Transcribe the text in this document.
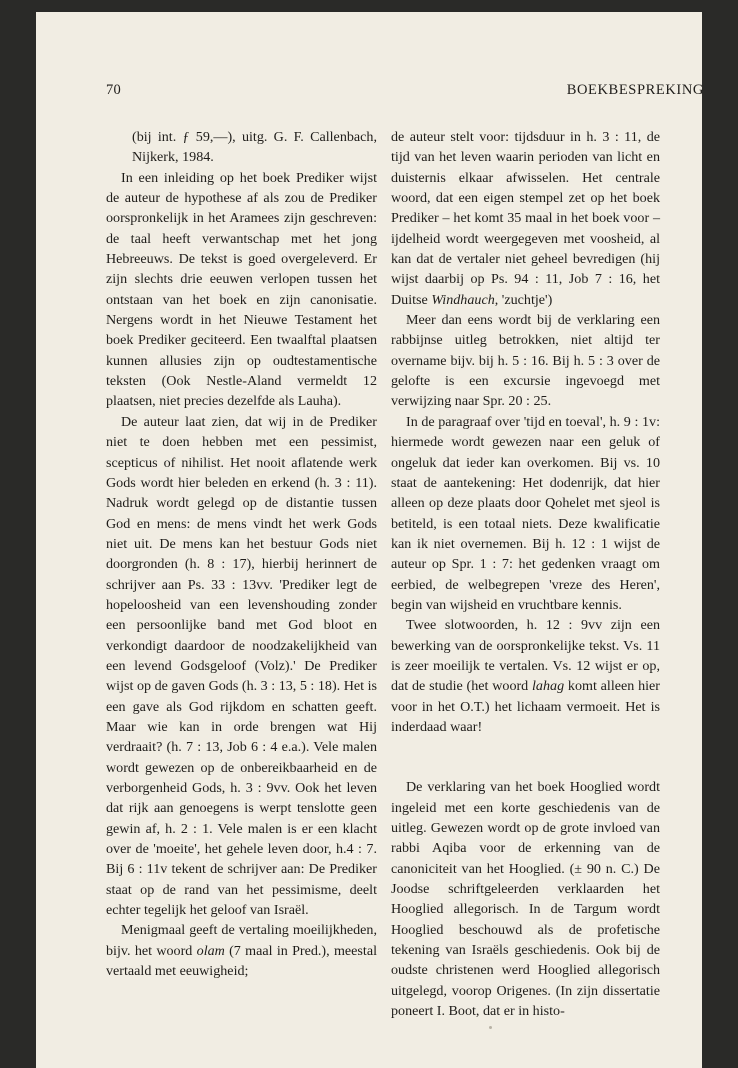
70	BOEKBESPREKING

(bij int. ƒ 59,—), uitg. G. F. Callenbach, Nijkerk, 1984.

In een inleiding op het boek Prediker wijst de auteur de hypothese af als zou de Prediker oorspronkelijk in het Aramees zijn geschreven: de taal heeft verwantschap met het jong Hebreeuws. De tekst is goed overgeleverd. Er zijn slechts drie eeuwen verlopen tussen het ontstaan van het boek en zijn canonisatie. Nergens wordt in het Nieuwe Testament het boek Prediker geciteerd. Een twaalftal plaatsen kunnen allusies zijn op oudtestamentische teksten (Ook Nestle-Aland vermeldt 12 plaatsen, niet precies dezelfde als Lauha).

De auteur laat zien, dat wij in de Prediker niet te doen hebben met een pessimist, scepticus of nihilist. Het nooit aflatende werk Gods wordt hier beleden en erkend (h. 3 : 11). Nadruk wordt gelegd op de distantie tussen God en mens: de mens vindt het werk Gods niet uit. De mens kan het bestuur Gods niet doorgronden (h. 8 : 17), hierbij herinnert de schrijver aan Ps. 33 : 13vv. 'Prediker legt de hopeloosheid van een levenshouding zonder een persoonlijke band met God bloot en verkondigt daardoor de noodzakelijkheid van een levend Godsgeloof (Volz).' De Prediker wijst op de gaven Gods (h. 3 : 13, 5 : 18). Het is een gave als God rijkdom en schatten geeft. Maar wie kan in orde brengen wat Hij verdraait? (h. 7 : 13, Job 6 : 4 e.a.). Vele malen wordt gewezen op de onbereikbaarheid en de verborgenheid Gods, h. 3 : 9vv. Ook het leven dat rijk aan genoegens is werpt tenslotte geen gewin af, h. 2 : 1. Vele malen is er een klacht over de 'moeite', het gehele leven door, h.4 : 7. Bij 6 : 11v tekent de schrijver aan: De Prediker staat op de rand van het pessimisme, deelt echter tegelijk het geloof van Israël.

Menigmaal geeft de vertaling moeilijkheden, bijv. het woord olam (7 maal in Pred.), meestal vertaald met eeuwigheid;

de auteur stelt voor: tijdsduur in h. 3 : 11, de tijd van het leven waarin perioden van licht en duisternis elkaar afwisselen. Het centrale woord, dat een eigen stempel zet op het boek Prediker – het komt 35 maal in het boek voor – ijdelheid wordt weergegeven met voosheid, al kan dat de vertaler niet geheel bevredigen (hij wijst daarbij op Ps. 94 : 11, Job 7 : 16, het Duitse Windhauch, 'zuchtje')

Meer dan eens wordt bij de verklaring een rabbijnse uitleg betrokken, niet altijd ter overname bijv. bij h. 5 : 16. Bij h. 5 : 3 over de gelofte is een excursie ingevoegd met verwijzing naar Spr. 20 : 25.

In de paragraaf over 'tijd en toeval', h. 9 : 1v: hiermede wordt gewezen naar een geluk of ongeluk dat ieder kan overkomen. Bij vs. 10 staat de aantekening: Het dodenrijk, dat hier alleen op deze plaats door Qohelet met sjeol is betiteld, is een totaal niets. Deze kwalificatie kan ik niet overnemen. Bij h. 12 : 1 wijst de auteur op Spr. 1 : 7: het gedenken vraagt om eerbied, de welbegrepen 'vreze des Heren', begin van wijsheid en vruchtbare kennis.

Twee slotwoorden, h. 12 : 9vv zijn een bewerking van de oorspronkelijke tekst. Vs. 11 is zeer moeilijk te vertalen. Vs. 12 wijst er op, dat de studie (het woord lahag komt alleen hier voor in het O.T.) het lichaam vermoeit. Het is inderdaad waar!

De verklaring van het boek Hooglied wordt ingeleid met een korte geschiedenis van de uitleg. Gewezen wordt op de grote invloed van rabbi Aqiba voor de erkenning van de canoniciteit van het Hooglied. (± 90 n. C.) De Joodse schriftgeleerden verklaarden het Hooglied allegorisch. In de Targum wordt Hooglied beschouwd als de profetische tekening van Israëls geschiedenis. Ook bij de oudste christenen werd Hooglied allegorisch uitgelegd, voorop Origenes. (In zijn dissertatie poneert I. Boot, dat er in histo-
